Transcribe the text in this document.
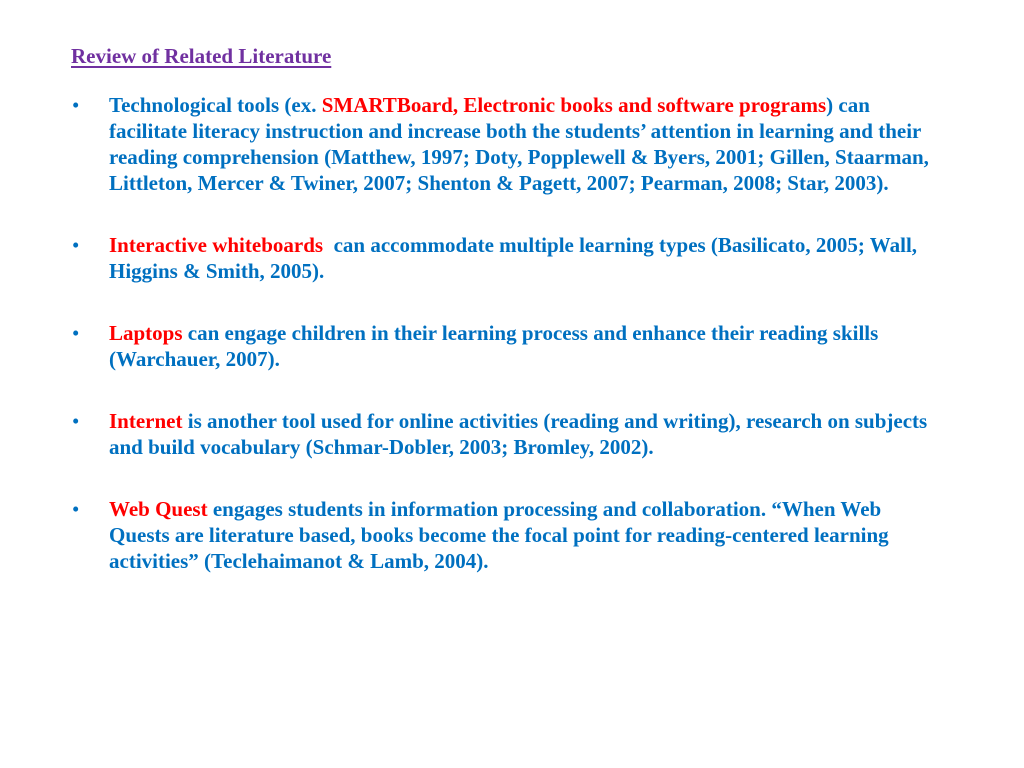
Review of Related Literature
• Technological tools (ex. SMARTBoard, Electronic books and software programs) can facilitate literacy instruction and increase both the students’ attention in learning and their reading comprehension (Matthew, 1997; Doty, Popplewell & Byers, 2001; Gillen, Staarman, Littleton, Mercer & Twiner, 2007; Shenton & Pagett, 2007; Pearman, 2008; Star, 2003).
• Interactive whiteboards  can accommodate multiple learning types (Basilicato, 2005; Wall, Higgins & Smith, 2005).
• Laptops can engage children in their learning process and enhance their reading skills (Warchauer, 2007).
• Internet is another tool used for online activities (reading and writing), research on subjects and build vocabulary (Schmar-Dobler, 2003; Bromley, 2002).
• Web Quest engages students in information processing and collaboration. “When Web Quests are literature based, books become the focal point for reading-centered learning activities” (Teclehaimanot & Lamb, 2004).
